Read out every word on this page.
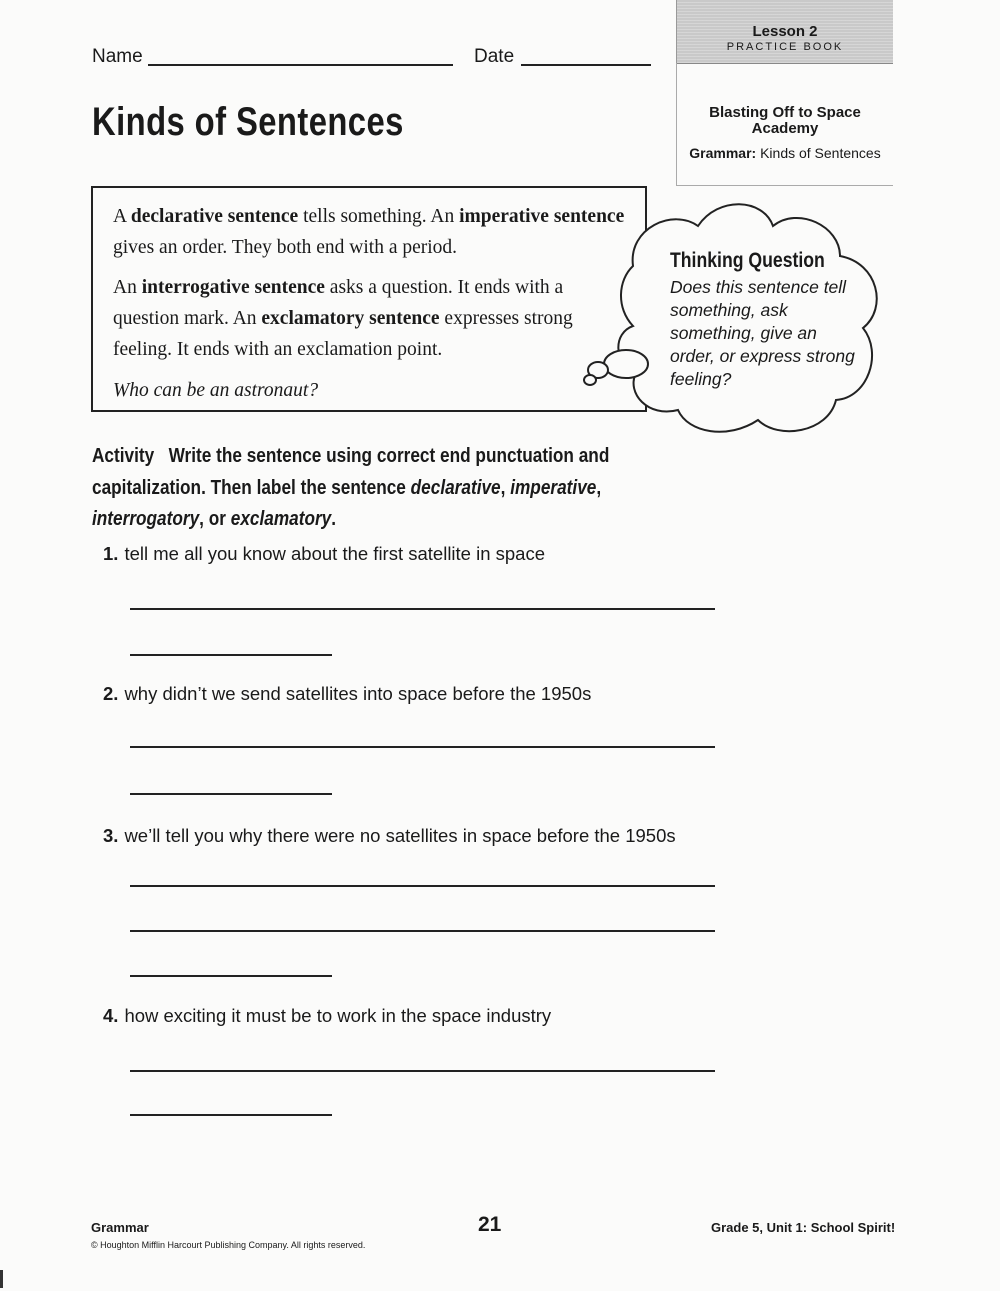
Name	Date
Lesson 2
PRACTICE BOOK
Blasting Off to Space
Academy
Grammar: Kinds of Sentences
Kinds of Sentences

A declarative sentence tells something. An imperative sentence gives an order. They both end with a period.

An interrogative sentence asks a question. It ends with a question mark. An exclamatory sentence expresses strong feeling. It ends with an exclamation point.

Who can be an astronaut?

Thinking Question
Does this sentence tell something, ask something, give an order, or express strong feeling?
Activity Write the sentence using correct end punctuation and capitalization. Then label the sentence declarative, imperative, interrogatory, or exclamatory.
1. tell me all you know about the first satellite in space
2. why didn’t we send satellites into space before the 1950s
3. we’ll tell you why there were no satellites in space before the 1950s
4. how exciting it must be to work in the space industry
Grammar
© Houghton Mifflin Harcourt Publishing Company. All rights reserved.
21	Grade 5, Unit 1: School Spirit!
